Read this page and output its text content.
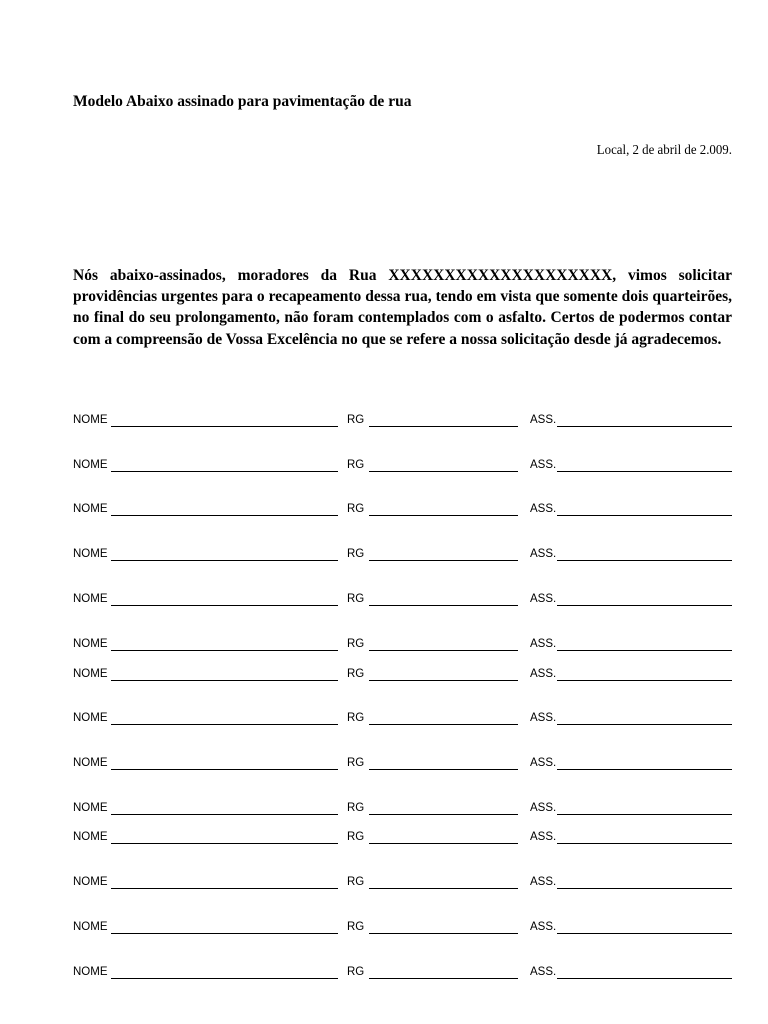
Modelo Abaixo assinado para pavimentação de rua
Local, 2 de abril de 2.009.

Nós abaixo-assinados, moradores da Rua XXXXXXXXXXXXXXXXXXXX, vimos solicitar providências urgentes para o recapeamento dessa rua, tendo em vista que somente dois quarteirões, no final do seu prolongamento, não foram contemplados com o asfalto. Certos de podermos contar com a compreensão de Vossa Excelência no que se refere a nossa solicitação desde já agradecemos.

NOME	RG	ASS.
NOME	RG	ASS.
NOME	RG	ASS.
NOME	RG	ASS.
NOME	RG	ASS.
NOME	RG	ASS.
NOME	RG	ASS.
NOME	RG	ASS.
NOME	RG	ASS.
NOME	RG	ASS.
NOME	RG	ASS.
NOME	RG	ASS.
NOME	RG	ASS.
NOME	RG	ASS.
